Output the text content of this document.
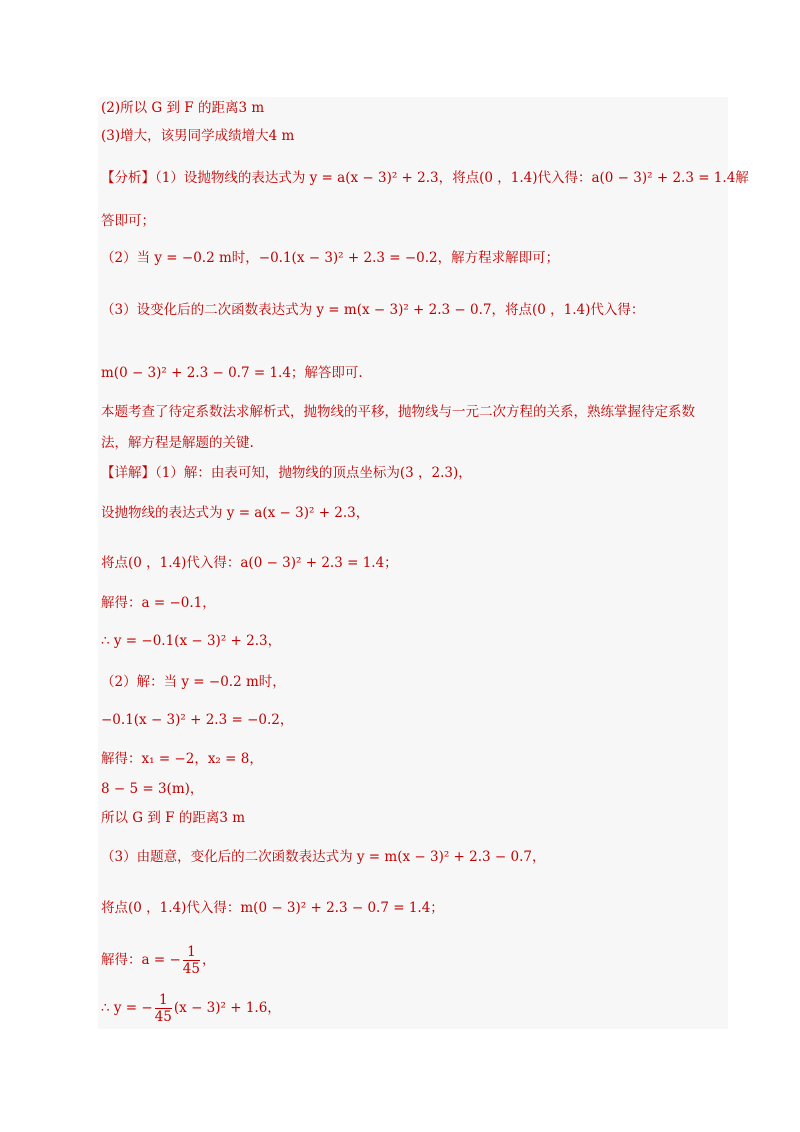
(2)所以 G 到 F 的距离3 m
(3)增大，该男同学成绩增大4 m
【分析】（1）设抛物线的表达式为 y = a(x − 3)² + 2.3，将点(0 ，1.4)代入得：a(0 − 3)² + 2.3 = 1.4解
答即可；
（2）当 y = −0.2 m时，−0.1(x − 3)² + 2.3 = −0.2，解方程求解即可；
（3）设变化后的二次函数表达式为 y = m(x − 3)² + 2.3 − 0.7，将点(0 ，1.4)代入得：
m(0 − 3)² + 2.3 − 0.7 = 1.4；解答即可.
本题考查了待定系数法求解析式，抛物线的平移，抛物线与一元二次方程的关系，熟练掌握待定系数
法，解方程是解题的关键.
【详解】（1）解：由表可知，抛物线的顶点坐标为(3 ，2.3)，
设抛物线的表达式为 y = a(x − 3)² + 2.3，
将点(0 ，1.4)代入得：a(0 − 3)² + 2.3 = 1.4；
解得：a = −0.1，
∴ y = −0.1(x − 3)² + 2.3，
（2）解：当 y = −0.2 m时，
−0.1(x − 3)² + 2.3 = −0.2，
解得：x₁ = −2，x₂ = 8，
8 − 5 = 3(m)，
所以 G 到 F 的距离3 m
（3）由题意，变化后的二次函数表达式为 y = m(x − 3)² + 2.3 − 0.7，
将点(0 ，1.4)代入得：m(0 − 3)² + 2.3 − 0.7 = 1.4；
解得：a = − $\frac{1}{45}$ ，
∴ y = − $\frac{1}{45} (x - 3)^2 + 1.6$，
